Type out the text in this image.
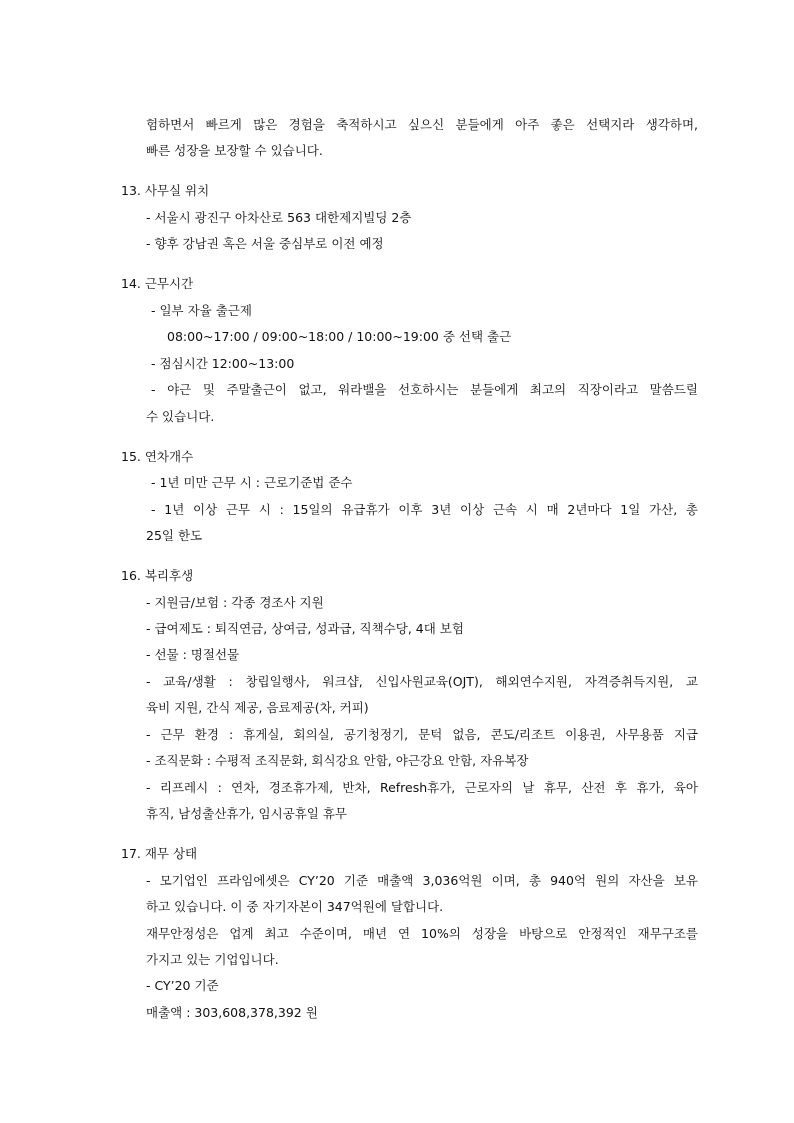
험하면서 빠르게 많은 경험을 축적하시고 싶으신 분들에게 아주 좋은 선택지라 생각하며,
빠른 성장을 보장할 수 있습니다.
13. 사무실 위치
- 서울시 광진구 아차산로 563 대한제지빌딩 2층
- 향후 강남권 혹은 서울 중심부로 이전 예정
14. 근무시간
- 일부 자율 출근제
08:00~17:00 / 09:00~18:00 / 10:00~19:00 중 선택 출근
- 점심시간 12:00~13:00
- 야근 및 주말출근이 없고, 워라밸을 선호하시는 분들에게 최고의 직장이라고 말씀드릴
수 있습니다.
15. 연차개수
- 1년 미만 근무 시 : 근로기준법 준수
- 1년 이상 근무 시 : 15일의 유급휴가 이후 3년 이상 근속 시 매 2년마다 1일 가산, 총
25일 한도
16. 복리후생
- 지원금/보험 : 각종 경조사 지원
- 급여제도 : 퇴직연금, 상여금, 성과급, 직책수당, 4대 보험
- 선물 : 명절선물
- 교육/생활 : 창립일행사, 워크샵, 신입사원교육(OJT), 해외연수지원, 자격증취득지원, 교
육비 지원, 간식 제공, 음료제공(차, 커피)
- 근무 환경 : 휴게실, 회의실, 공기청정기, 문턱 없음, 콘도/리조트 이용권, 사무용품 지급
- 조직문화 : 수평적 조직문화, 회식강요 안함, 야근강요 안함, 자유복장
- 리프레시 : 연차, 경조휴가제, 반차, Refresh휴가, 근로자의 날 휴무, 산전 후 휴가, 육아
휴직, 남성출산휴가, 임시공휴일 휴무
17. 재무 상태
- 모기업인 프라임에셋은 CY’20 기준 매출액 3,036억원 이며, 총 940억 원의 자산을 보유
하고 있습니다. 이 중 자기자본이 347억원에 달합니다.
재무안정성은 업계 최고 수준이며, 매년 연 10%의 성장을 바탕으로 안정적인 재무구조를
가지고 있는 기업입니다.
- CY’20 기준
매출액 : 303,608,378,392 원
